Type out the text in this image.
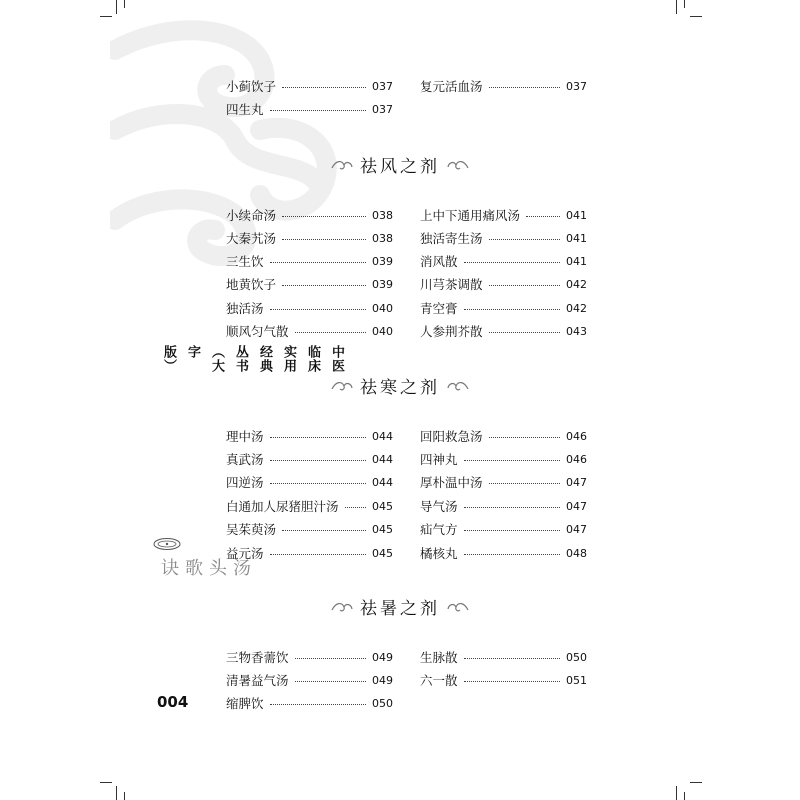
中医临床实用经典丛书（大字版）
汤头歌诀
004
小蓟饮子	037
四生丸	037
复元活血汤	037
祛风之剂
小续命汤	038
大秦艽汤	038
三生饮	039
地黄饮子	039
独活汤	040
顺风匀气散	040
上中下通用痛风汤	041
独活寄生汤	041
消风散	041
川芎茶调散	042
青空膏	042
人参荆芥散	043
祛寒之剂
理中汤	044
真武汤	044
四逆汤	044
白通加人尿猪胆汁汤	045
吴茱萸汤	045
益元汤	045
回阳救急汤	046
四神丸	046
厚朴温中汤	047
导气汤	047
疝气方	047
橘核丸	048
祛暑之剂
三物香薷饮	049
清暑益气汤	049
缩脾饮	050
生脉散	050
六一散	051
